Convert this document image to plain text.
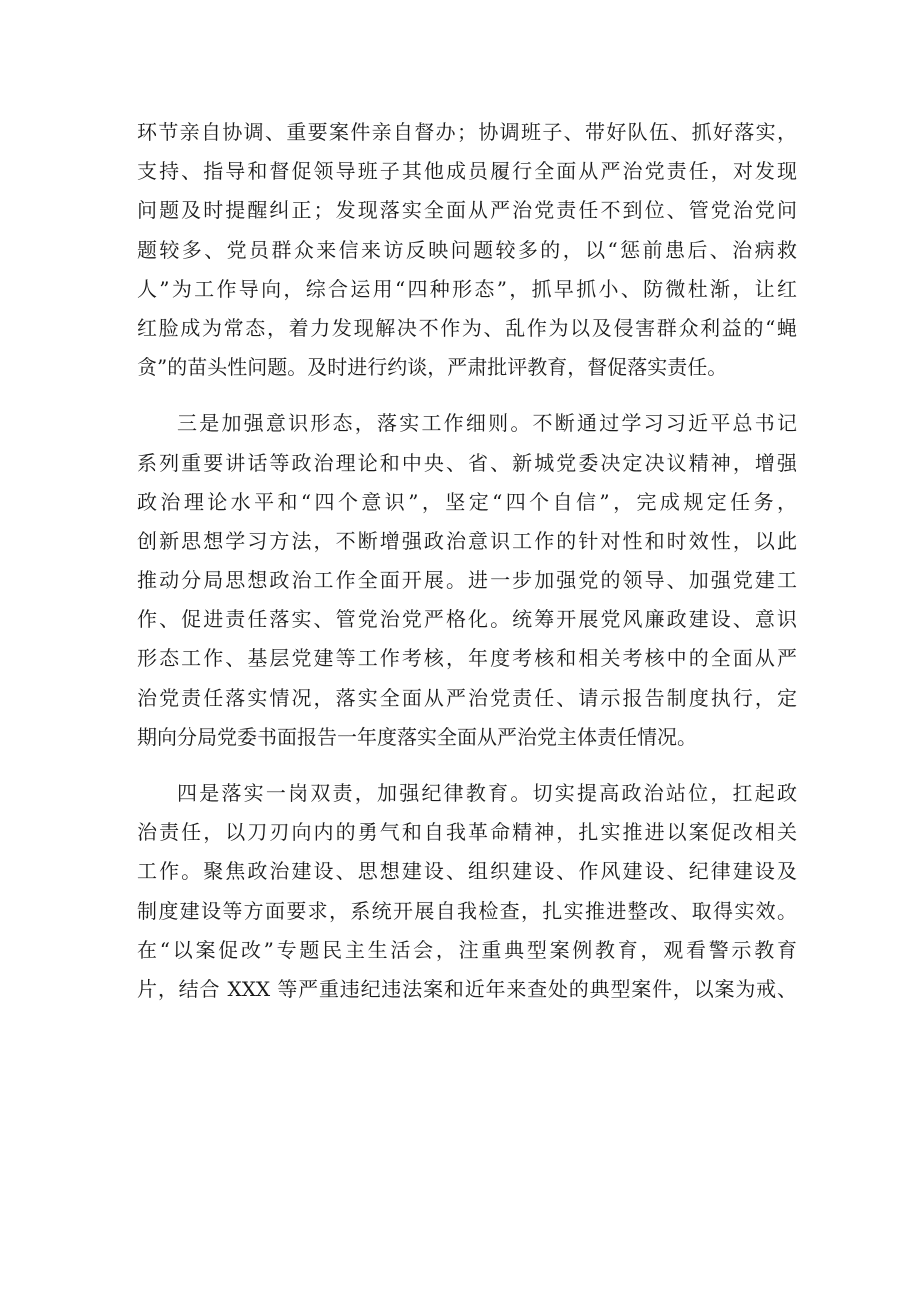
环节亲自协调、重要案件亲自督办；协调班子、带好队伍、抓好落实，
支持、指导和督促领导班子其他成员履行全面从严治党责任，对发现
问题及时提醒纠正；发现落实全面从严治党责任不到位、管党治党问
题较多、党员群众来信来访反映问题较多的，以“惩前患后、治病救
人”为工作导向，综合运用“四种形态”，抓早抓小、防微杜渐，让红
红脸成为常态，着力发现解决不作为、乱作为以及侵害群众利益的“蝇
贪”的苗头性问题。及时进行约谈，严肃批评教育，督促落实责任。
三是加强意识形态，落实工作细则。不断通过学习习近平总书记
系列重要讲话等政治理论和中央、省、新城党委决定决议精神，增强
政治理论水平和“四个意识”，坚定“四个自信”，完成规定任务，
创新思想学习方法，不断增强政治意识工作的针对性和时效性，以此
推动分局思想政治工作全面开展。进一步加强党的领导、加强党建工
作、促进责任落实、管党治党严格化。统筹开展党风廉政建设、意识
形态工作、基层党建等工作考核，年度考核和相关考核中的全面从严
治党责任落实情况，落实全面从严治党责任、请示报告制度执行，定
期向分局党委书面报告一年度落实全面从严治党主体责任情况。
四是落实一岗双责，加强纪律教育。切实提高政治站位，扛起政
治责任，以刀刃向内的勇气和自我革命精神，扎实推进以案促改相关
工作。聚焦政治建设、思想建设、组织建设、作风建设、纪律建设及
制度建设等方面要求，系统开展自我检查，扎实推进整改、取得实效。
在“以案促改”专题民主生活会，注重典型案例教育，观看警示教育
片，结合 XXX 等严重违纪违法案和近年来查处的典型案件，以案为戒、
